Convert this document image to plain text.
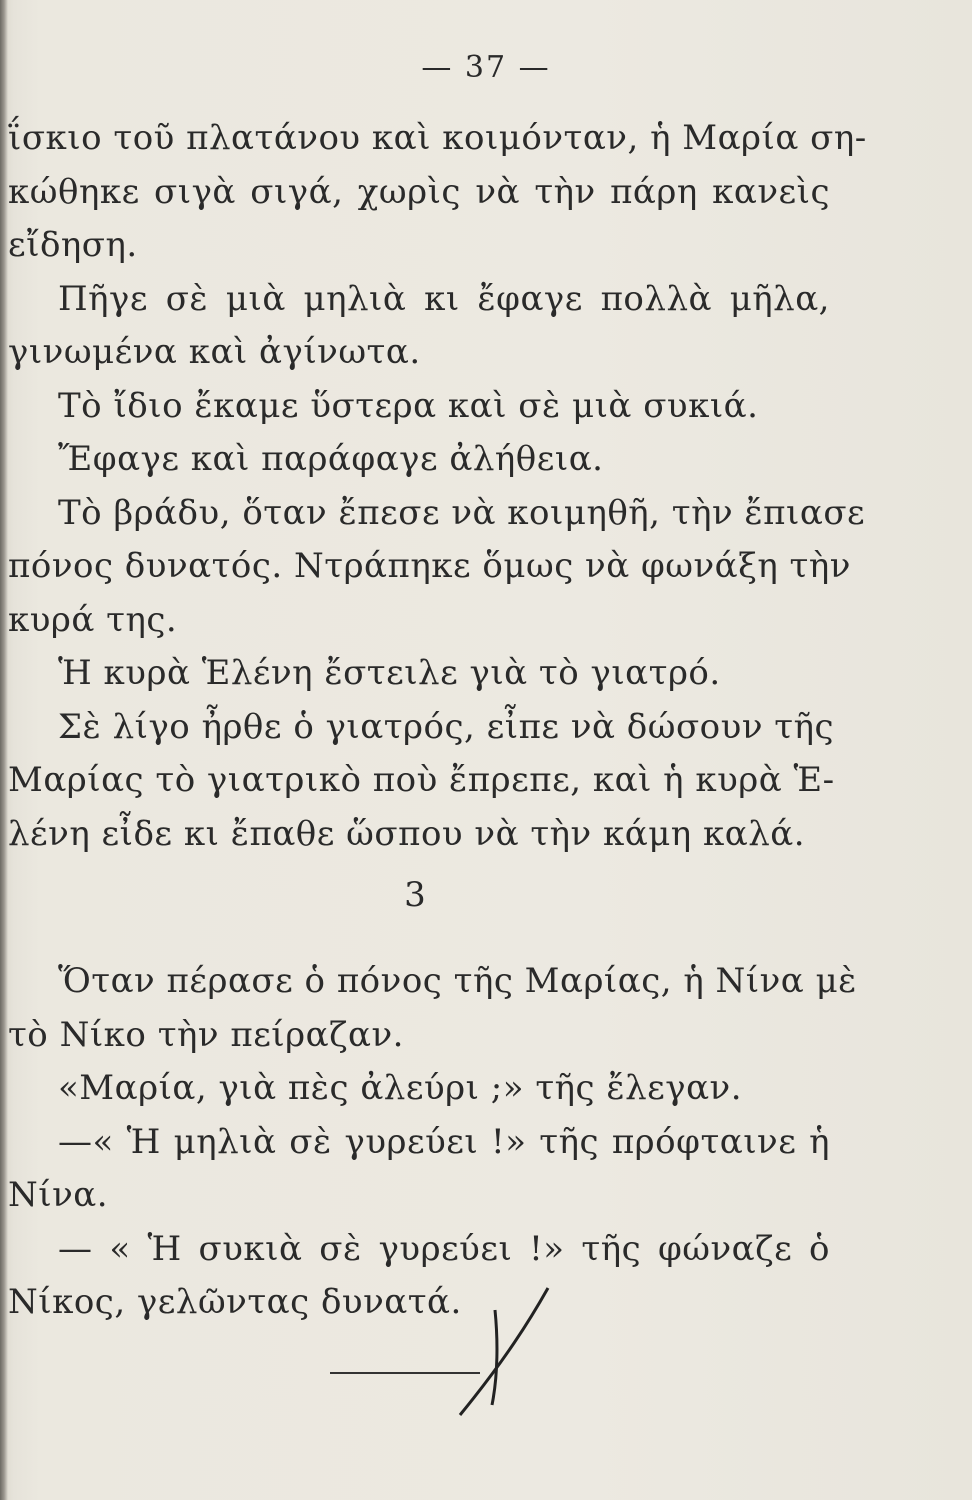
— 37 —
ΐσκιο τοῦ πλατάνου καὶ κοιμόνταν, ἡ Μαρία ση-
κώθηκε σιγὰ σιγά, χωρὶς νὰ τὴν πάρη κανεὶς
εἴδηση.
Πῆγε σὲ μιὰ μηλιὰ κι ἔφαγε πολλὰ μῆλα,
γινωμένα καὶ ἀγίνωτα.
Τὸ ἴδιο ἔκαμε ὕστερα καὶ σὲ μιὰ συκιά.
Ἔφαγε καὶ παράφαγε ἀλήθεια.
Τὸ βράδυ, ὅταν ἔπεσε νὰ κοιμηθῆ, τὴν ἔπιασε
πόνος δυνατός. Ντράπηκε ὅμως νὰ φωνάξη τὴν
κυρά της.
Ἡ κυρὰ Ἑλένη ἔστειλε γιὰ τὸ γιατρό.
Σὲ λίγο ἦρθε ὁ γιατρός, εἶπε νὰ δώσουν τῆς
Μαρίας τὸ γιατρικὸ ποὺ ἔπρεπε, καὶ ἡ κυρὰ Ἑ-
λένη εἶδε κι ἔπαθε ὥσπου νὰ τὴν κάμη καλά.
3
Ὅταν πέρασε ὁ πόνος τῆς Μαρίας, ἡ Νίνα μὲ
τὸ Νίκο τὴν πείραζαν.
«Μαρία, γιὰ πὲς ἀλεύρι ;» τῆς ἔλεγαν.
—« Ἡ μηλιὰ σὲ γυρεύει !» τῆς πρόφταινε ἡ
Νίνα.
— « Ἡ συκιὰ σὲ γυρεύει !» τῆς φώναζε ὁ
Νίκος, γελῶντας δυνατά.
